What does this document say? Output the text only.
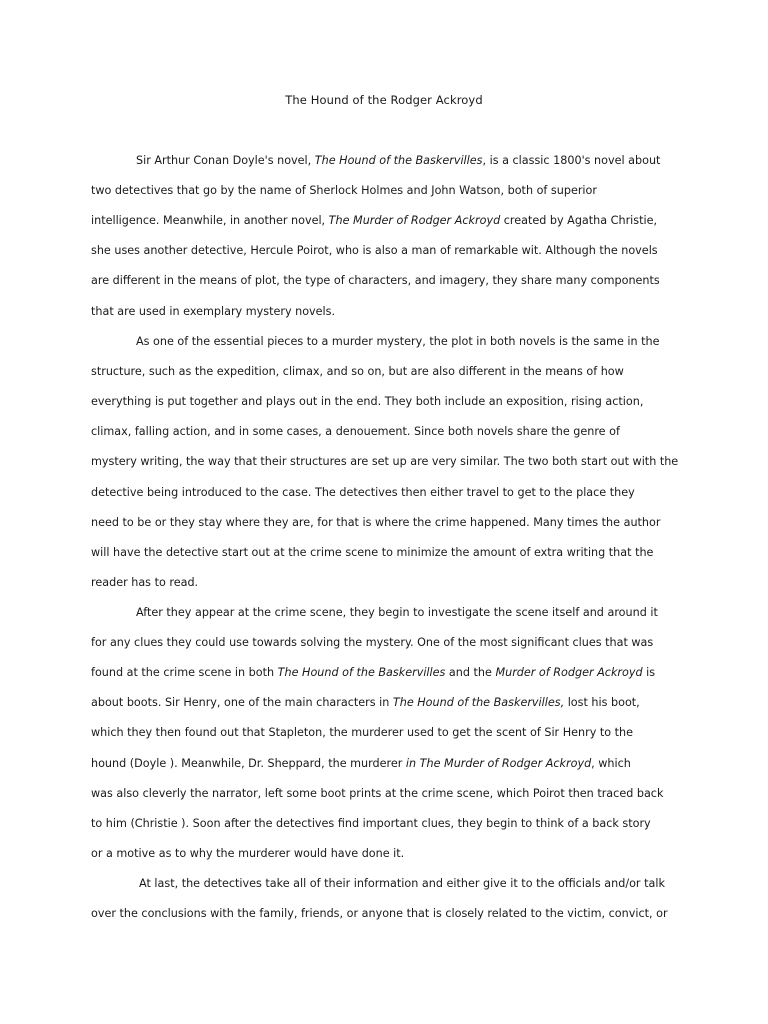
The Hound of the Rodger Ackroyd
Sir Arthur Conan Doyle's novel, The Hound of the Baskervilles, is a classic 1800's novel about
two detectives that go by the name of Sherlock Holmes and John Watson, both of superior
intelligence. Meanwhile, in another novel, The Murder of Rodger Ackroyd created by Agatha Christie,
she uses another detective, Hercule Poirot, who is also a man of remarkable wit. Although the novels
are different in the means of plot, the type of characters, and imagery, they share many components
that are used in exemplary mystery novels.
As one of the essential pieces to a murder mystery, the plot in both novels is the same in the
structure, such as the expedition, climax, and so on, but are also different in the means of how
everything is put together and plays out in the end. They both include an exposition, rising action,
climax, falling action, and in some cases, a denouement. Since both novels share the genre of
mystery writing, the way that their structures are set up are very similar. The two both start out with the
detective being introduced to the case. The detectives then either travel to get to the place they
need to be or they stay where they are, for that is where the crime happened. Many times the author
will have the detective start out at the crime scene to minimize the amount of extra writing that the
reader has to read.
After they appear at the crime scene, they begin to investigate the scene itself and around it
for any clues they could use towards solving the mystery. One of the most significant clues that was
found at the crime scene in both The Hound of the Baskervilles and the Murder of Rodger Ackroyd is
about boots. Sir Henry, one of the main characters in The Hound of the Baskervilles, lost his boot,
which they then found out that Stapleton, the murderer used to get the scent of Sir Henry to the
hound (Doyle ). Meanwhile, Dr. Sheppard, the murderer in The Murder of Rodger Ackroyd, which
was also cleverly the narrator, left some boot prints at the crime scene, which Poirot then traced back
to him (Christie ). Soon after the detectives find important clues, they begin to think of a back story
or a motive as to why the murderer would have done it.
At last, the detectives take all of their information and either give it to the officials and/or talk
over the conclusions with the family, friends, or anyone that is closely related to the victim, convict, or
